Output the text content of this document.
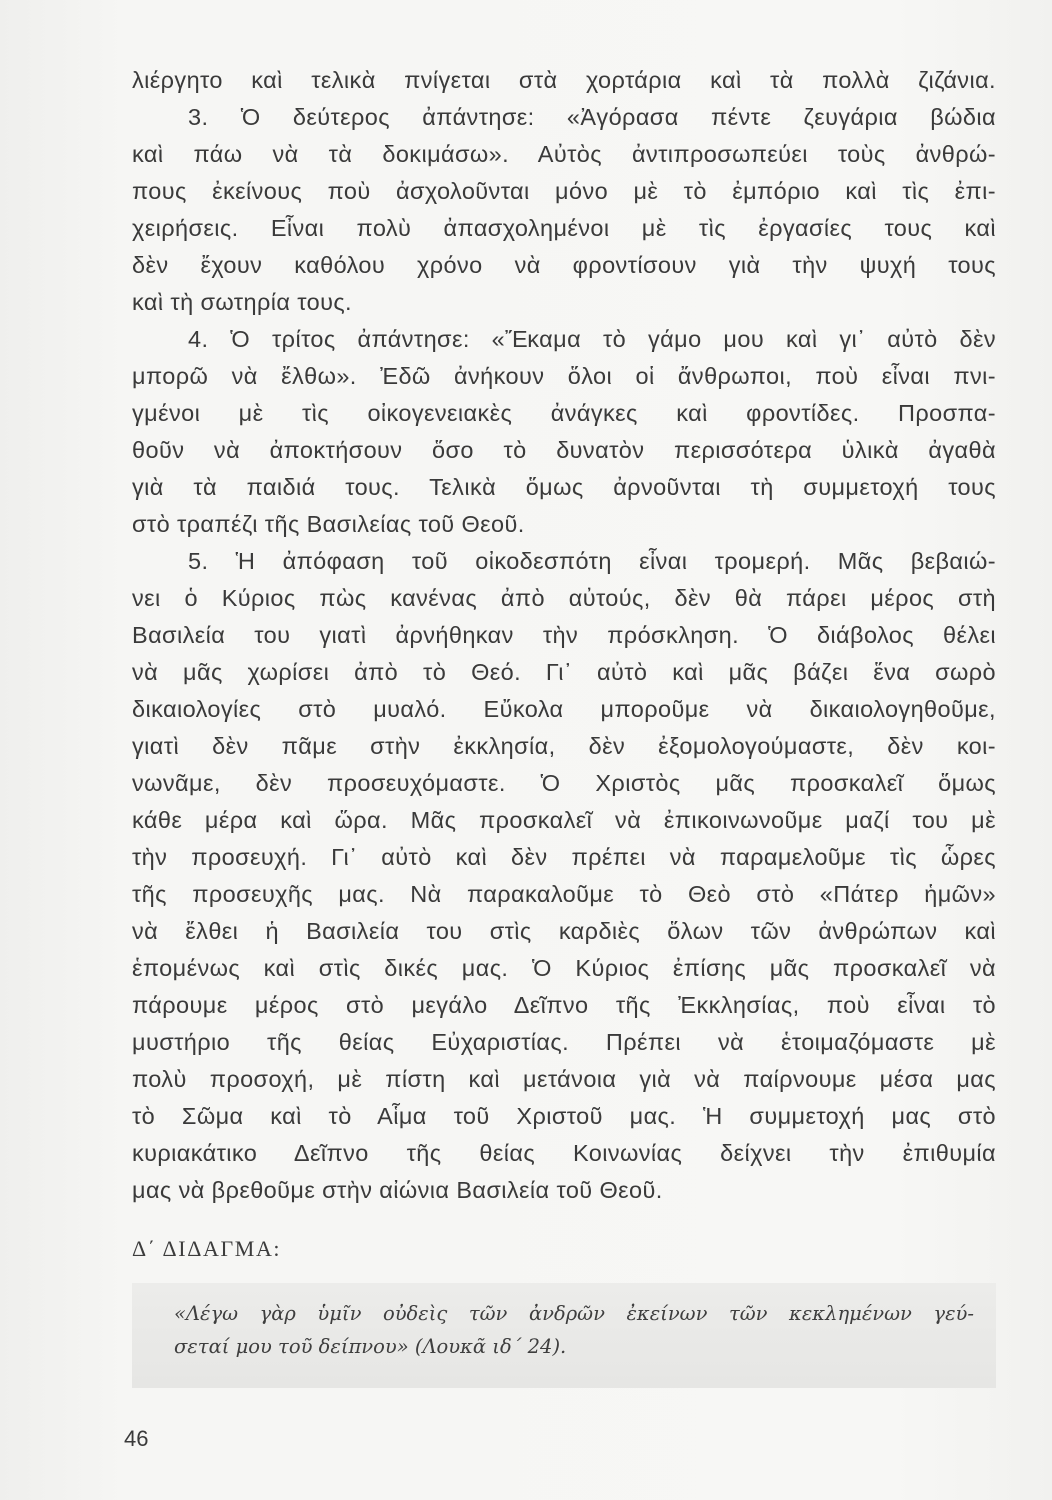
λιέργητο καὶ τελικὰ πνίγεται στὰ χορτάρια καὶ τὰ πολλὰ ζιζάνια.
3. Ὁ δεύτερος ἀπάντησε: «Ἀγόρασα πέντε ζευγάρια βώδια
καὶ πάω νὰ τὰ δοκιμάσω». Αὐτὸς ἀντιπροσωπεύει τοὺς ἀνθρώ-
πους ἐκείνους ποὺ ἀσχολοῦνται μόνο μὲ τὸ ἐμπόριο καὶ τὶς ἐπι-
χειρήσεις. Εἶναι πολὺ ἀπασχολημένοι μὲ τὶς ἐργασίες τους καὶ
δὲν ἔχουν καθόλου χρόνο νὰ φροντίσουν γιὰ τὴν ψυχή τους
καὶ τὴ σωτηρία τους.
4. Ὁ τρίτος ἀπάντησε: «Ἔκαμα τὸ γάμο μου καὶ γι᾽ αὐτὸ δὲν
μπορῶ νὰ ἔλθω». Ἐδῶ ἀνήκουν ὅλοι οἱ ἄνθρωποι, ποὺ εἶναι πνι-
γμένοι μὲ τὶς οἰκογενειακὲς ἀνάγκες καὶ φροντίδες. Προσπα-
θοῦν νὰ ἀποκτήσουν ὅσο τὸ δυνατὸν περισσότερα ὑλικὰ ἀγαθὰ
γιὰ τὰ παιδιά τους. Τελικὰ ὅμως ἀρνοῦνται τὴ συμμετοχή τους
στὸ τραπέζι τῆς Βασιλείας τοῦ Θεοῦ.
5. Ἡ ἀπόφαση τοῦ οἰκοδεσπότη εἶναι τρομερή. Μᾶς βεβαιώ-
νει ὁ Κύριος πὼς κανένας ἀπὸ αὐτούς, δὲν θὰ πάρει μέρος στὴ
Βασιλεία του γιατὶ ἀρνήθηκαν τὴν πρόσκληση. Ὁ διάβολος θέλει
νὰ μᾶς χωρίσει ἀπὸ τὸ Θεό. Γι᾽ αὐτὸ καὶ μᾶς βάζει ἕνα σωρὸ
δικαιολογίες στὸ μυαλό. Εὔκολα μποροῦμε νὰ δικαιολογηθοῦμε,
γιατὶ δὲν πᾶμε στὴν ἐκκλησία, δὲν ἐξομολογούμαστε, δὲν κοι-
νωνᾶμε, δὲν προσευχόμαστε. Ὁ Χριστὸς μᾶς προσκαλεῖ ὅμως
κάθε μέρα καὶ ὥρα. Μᾶς προσκαλεῖ νὰ ἐπικοινωνοῦμε μαζί του μὲ
τὴν προσευχή. Γι᾽ αὐτὸ καὶ δὲν πρέπει νὰ παραμελοῦμε τὶς ὧρες
τῆς προσευχῆς μας. Νὰ παρακαλοῦμε τὸ Θεὸ στὸ «Πάτερ ἡμῶν»
νὰ ἔλθει ἡ Βασιλεία του στὶς καρδιὲς ὅλων τῶν ἀνθρώπων καὶ
ἑπομένως καὶ στὶς δικές μας. Ὁ Κύριος ἐπίσης μᾶς προσκαλεῖ νὰ
πάρουμε μέρος στὸ μεγάλο Δεῖπνο τῆς Ἐκκλησίας, ποὺ εἶναι τὸ
μυστήριο τῆς θείας Εὐχαριστίας. Πρέπει νὰ ἑτοιμαζόμαστε μὲ
πολὺ προσοχή, μὲ πίστη καὶ μετάνοια γιὰ νὰ παίρνουμε μέσα μας
τὸ Σῶμα καὶ τὸ Αἷμα τοῦ Χριστοῦ μας. Ἡ συμμετοχή μας στὸ
κυριακάτικο Δεῖπνο τῆς θείας Κοινωνίας δείχνει τὴν ἐπιθυμία
μας νὰ βρεθοῦμε στὴν αἰώνια Βασιλεία τοῦ Θεοῦ.
Δ΄ ΔΙΔΑΓΜΑ:
«Λέγω γὰρ ὑμῖν οὐδεὶς τῶν ἀνδρῶν ἐκείνων τῶν κεκλημένων γεύ-
σεταί μου τοῦ δείπνου» (Λουκᾶ ιδ΄ 24).
46
